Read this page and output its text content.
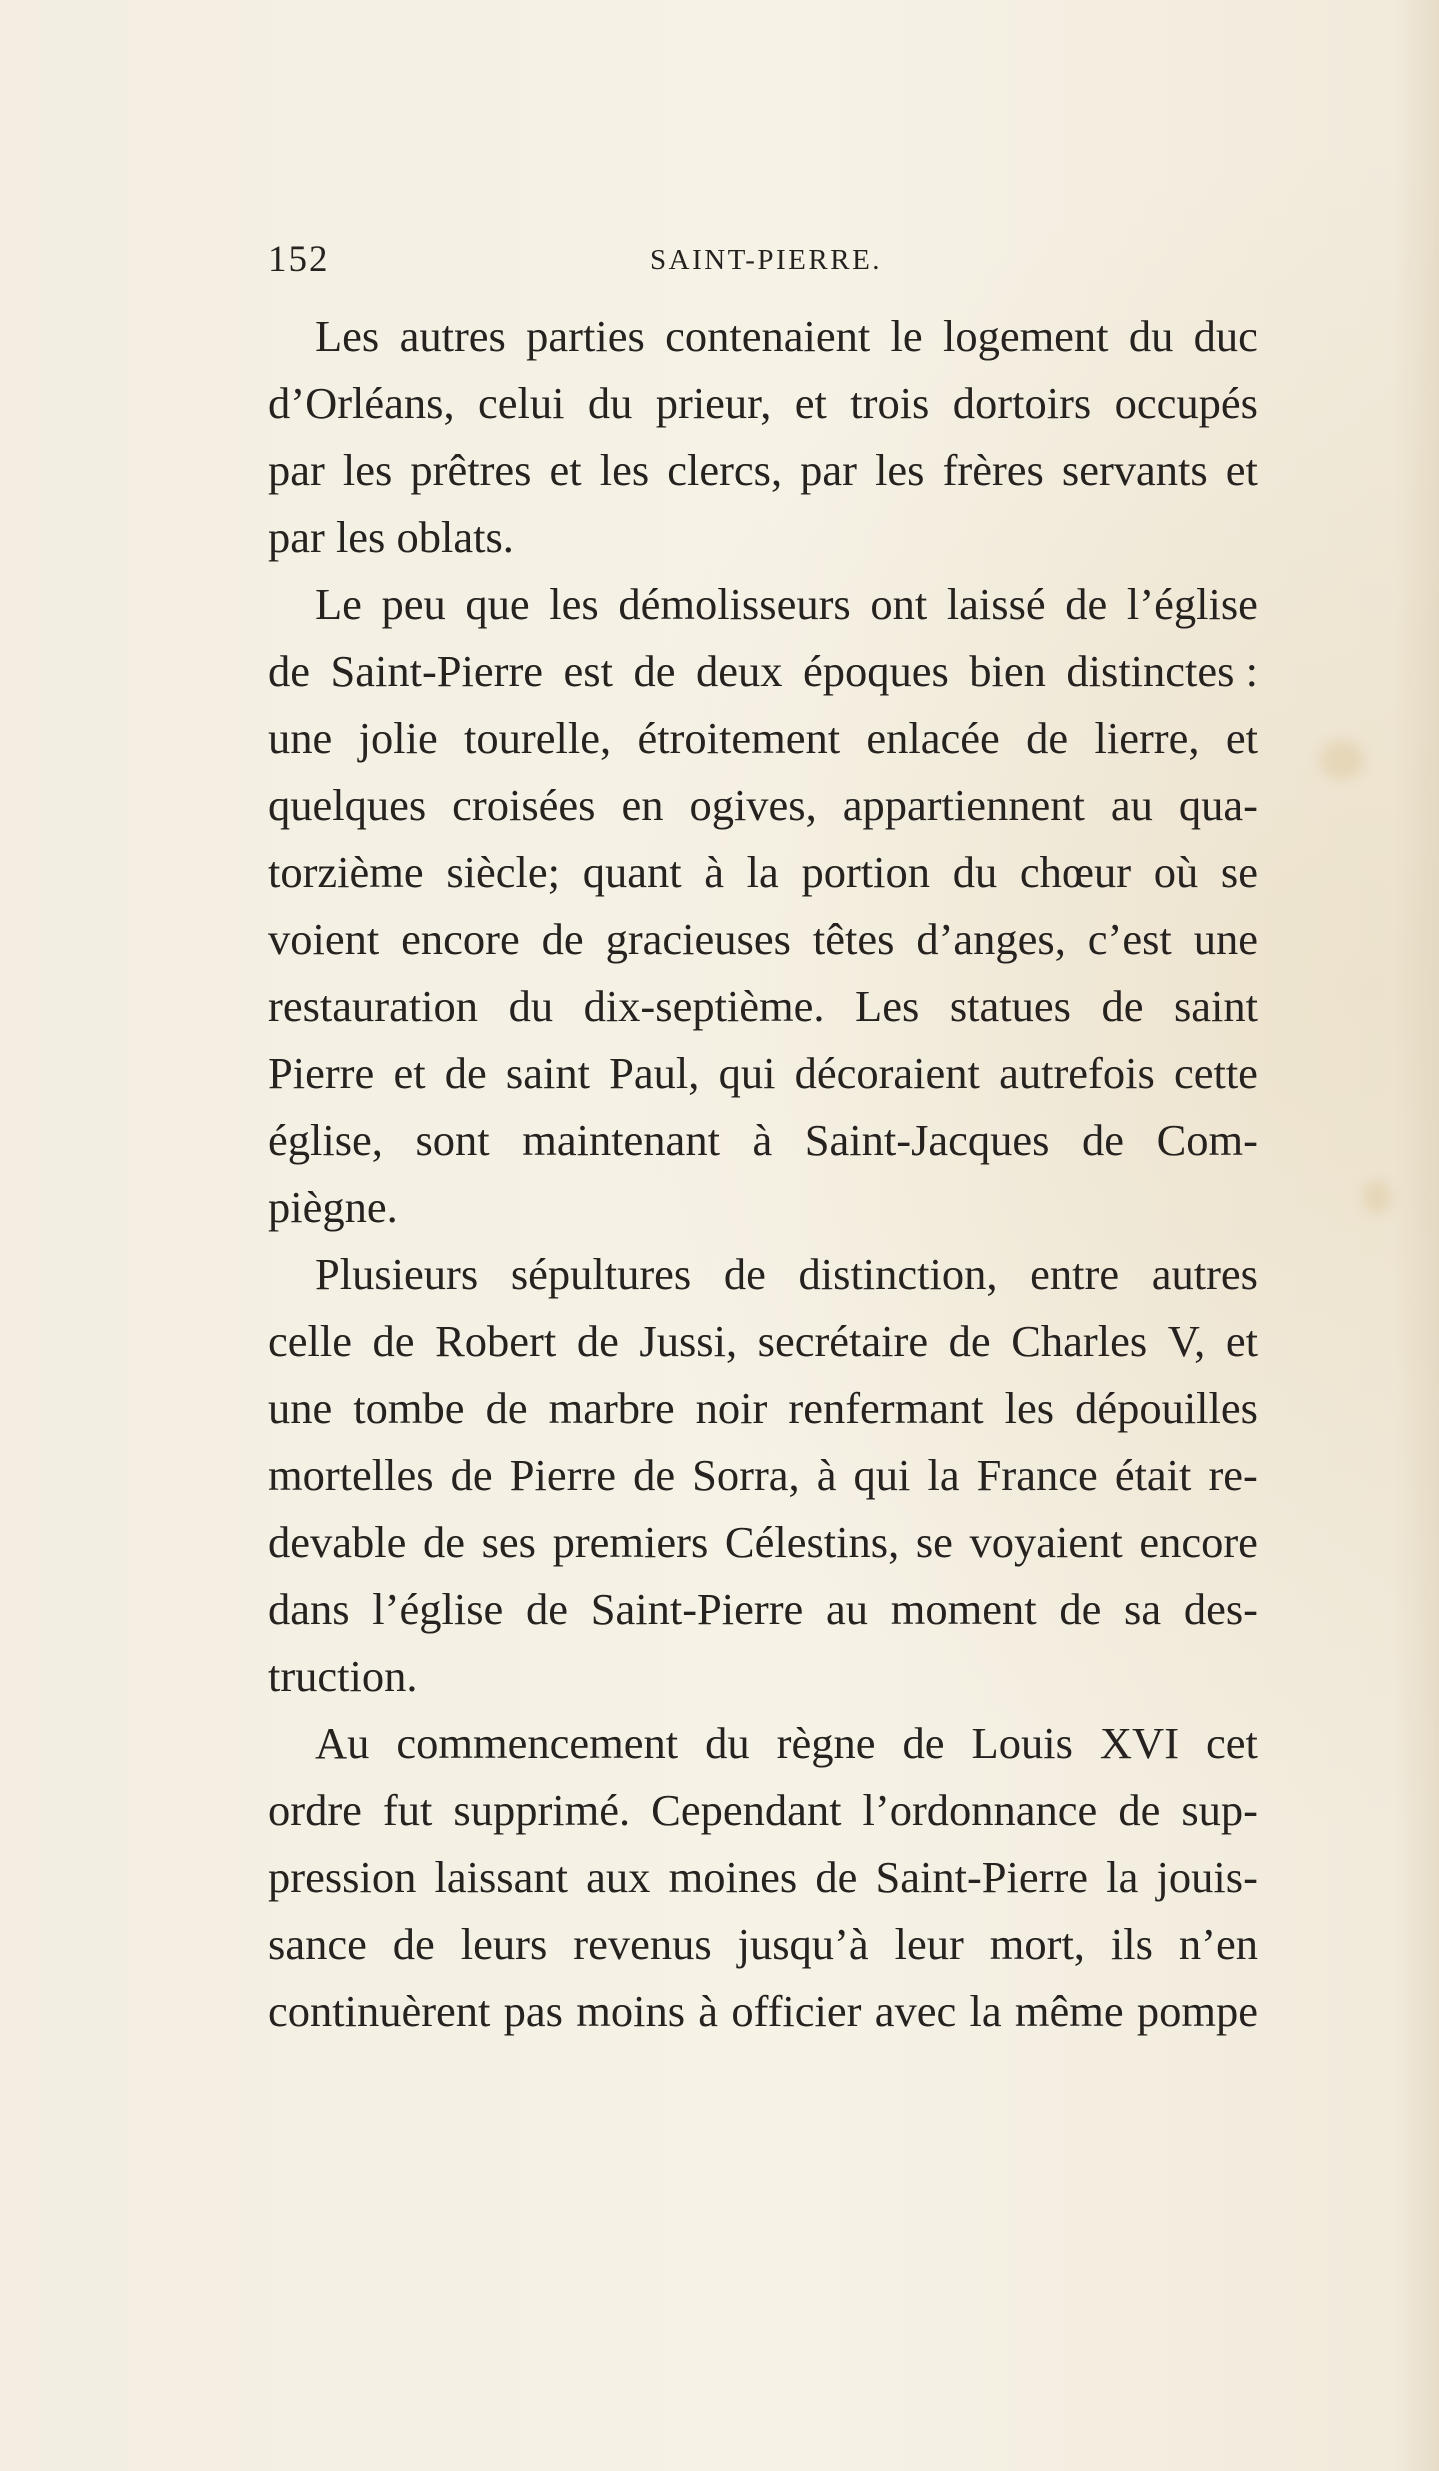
152	SAINT-PIERRE.
Les autres parties contenaient le logement du duc
d’Orléans, celui du prieur, et trois dortoirs occupés
par les prêtres et les clercs, par les frères servants et
par les oblats.
Le peu que les démolisseurs ont laissé de l’église
de Saint-Pierre est de deux époques bien distinctes :
une jolie tourelle, étroitement enlacée de lierre, et
quelques croisées en ogives, appartiennent au qua-
torzième siècle; quant à la portion du chœur où se
voient encore de gracieuses têtes d’anges, c’est une
restauration du dix-septième. Les statues de saint
Pierre et de saint Paul, qui décoraient autrefois cette
église, sont maintenant à Saint-Jacques de Com-
piègne.
Plusieurs sépultures de distinction, entre autres
celle de Robert de Jussi, secrétaire de Charles V, et
une tombe de marbre noir renfermant les dépouilles
mortelles de Pierre de Sorra, à qui la France était re-
devable de ses premiers Célestins, se voyaient encore
dans l’église de Saint-Pierre au moment de sa des-
truction.
Au commencement du règne de Louis XVI cet
ordre fut supprimé. Cependant l’ordonnance de sup-
pression laissant aux moines de Saint-Pierre la jouis-
sance de leurs revenus jusqu’à leur mort, ils n’en
continuèrent pas moins à officier avec la même pompe
